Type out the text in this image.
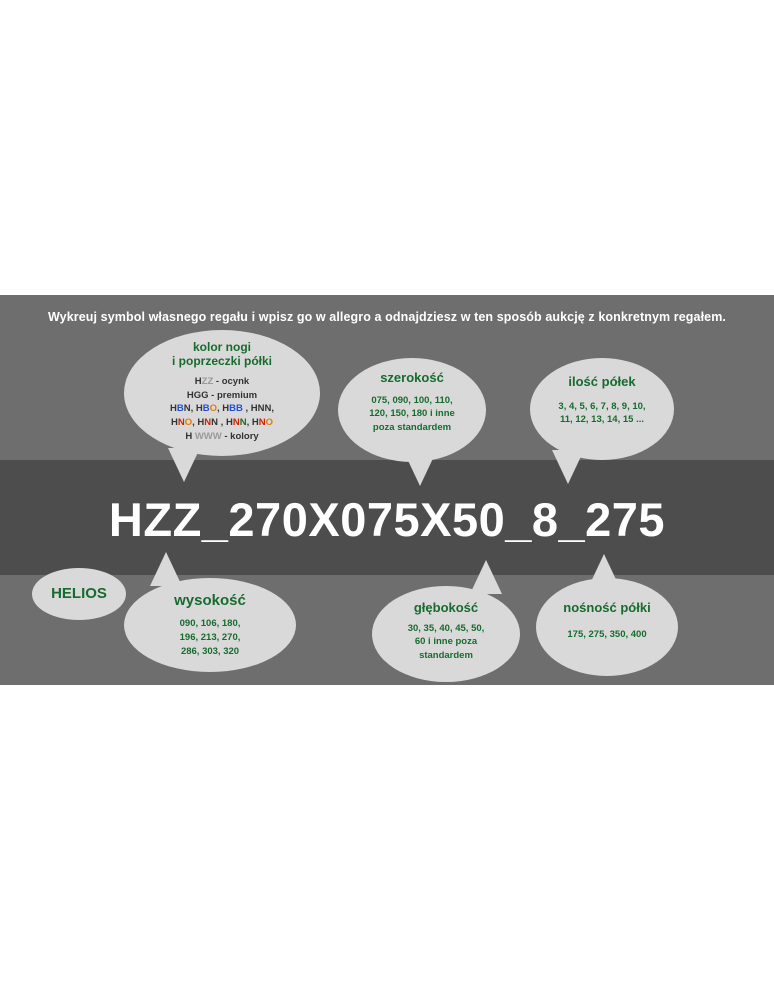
Wykreuj symbol własnego regału i wpisz go w allegro a odnajdziesz w ten sposób aukcję z konkretnym regałem.
HZZ_270X075X50_8_275
kolor nogi
i poprzeczki półki
HZZ - ocynk
HGG - premium
HBN, HBO, HBB , HNN,
HNO, HNN , HNN, HNO
H WWW - kolory
szerokość
075, 090, 100, 110,
120, 150, 180 i inne
poza standardem
ilość półek
3, 4, 5, 6, 7, 8, 9, 10,
11, 12, 13, 14, 15 ...
HELIOS	wysokość
090, 106, 180,
196, 213, 270,
286, 303, 320
głębokość
30, 35, 40, 45, 50,
60 i inne poza
standardem
nośność półki
175, 275, 350, 400
